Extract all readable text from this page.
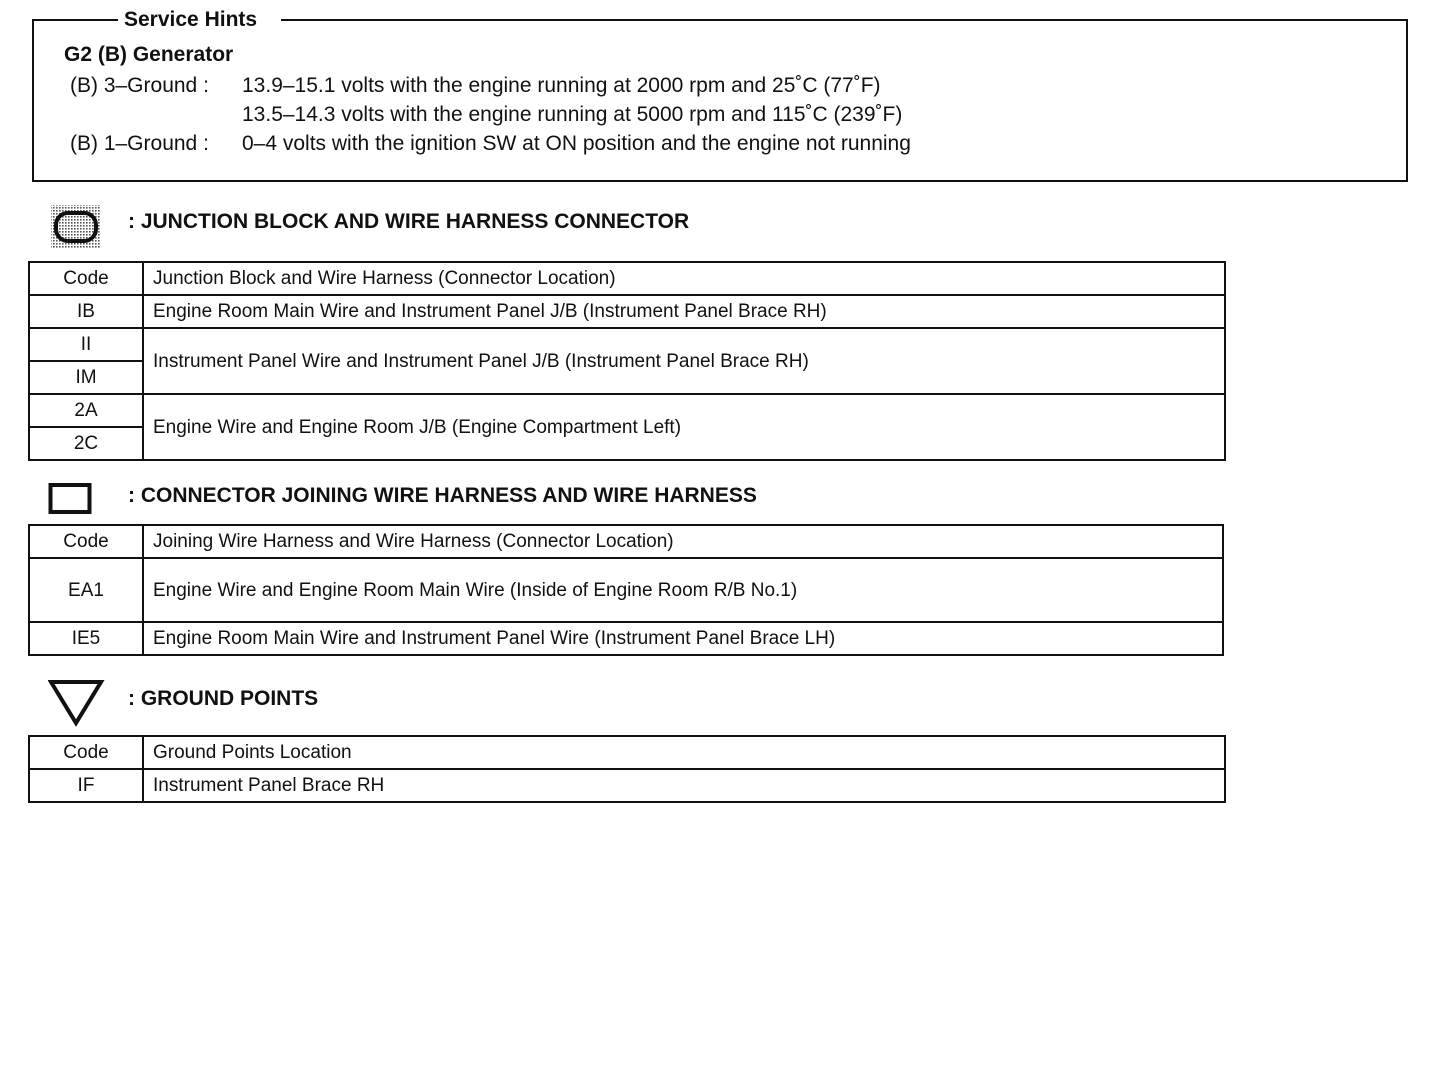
Service Hints
G2 (B) Generator
(B) 3–Ground : 13.9–15.1 volts with the engine running at 2000 rpm and 25˚C (77˚F)
13.5–14.3 volts with the engine running at 5000 rpm and 115˚C (239˚F)
(B) 1–Ground : 0–4 volts with the ignition SW at ON position and the engine not running
: JUNCTION BLOCK AND WIRE HARNESS CONNECTOR
Code	Junction Block and Wire Harness (Connector Location)
IB	Engine Room Main Wire and Instrument Panel J/B (Instrument Panel Brace RH)
II	Instrument Panel Wire and Instrument Panel J/B (Instrument Panel Brace RH)
IM	
2A	Engine Wire and Engine Room J/B (Engine Compartment Left)
2C	
: CONNECTOR JOINING WIRE HARNESS AND WIRE HARNESS
Code	Joining Wire Harness and Wire Harness (Connector Location)
EA1	Engine Wire and Engine Room Main Wire (Inside of Engine Room R/B No.1)
IE5	Engine Room Main Wire and Instrument Panel Wire (Instrument Panel Brace LH)
: GROUND POINTS
Code	Ground Points Location
IF	Instrument Panel Brace RH
